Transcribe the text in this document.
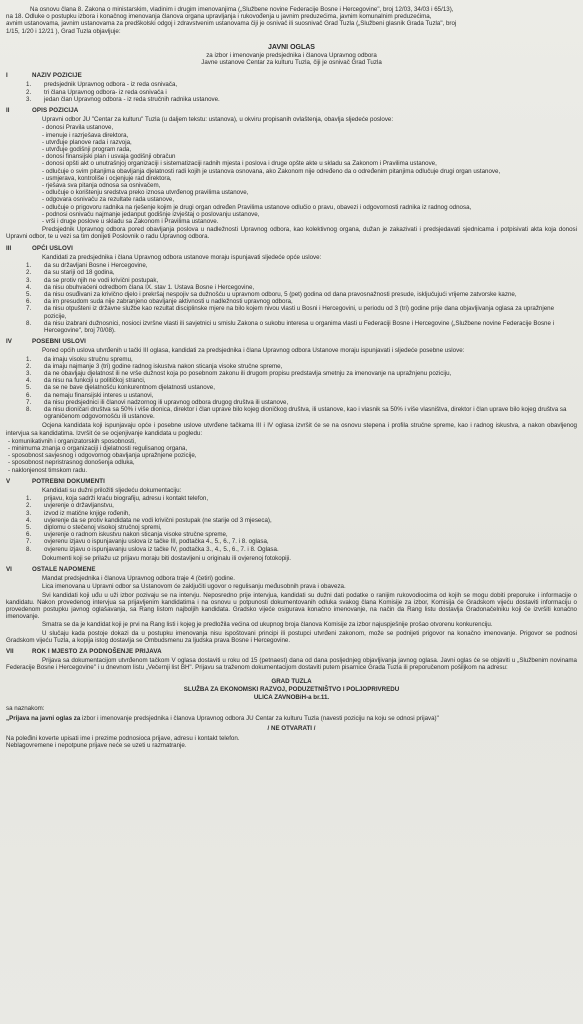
Na osnovu člana 8. Zakona o ministarskim, vladinim i drugim imenovanjima („Službene novine Federacije Bosne i Hercegovine", broj 12/03, 34/03 i 65/13),
na 18. Odluke o postupku izbora i konačnog imenovanja članova organa upravljanja i rukovođenja u javnim preduzećima, javnim komunalnim preduzećima,
avnim ustanovama, javnim ustanovama za predškolski odgoj i zdravstvenim ustanovama čiji je osnivač ili suosnivač Grad Tuzla („Službeni glasnik Grada Tuzla", broj
1/15, 1/20 i 12/21 ), Grad Tuzla objavljuje:
JAVNI OGLAS
za izbor i imenovanje predsjednika i članova Upravnog odbora
Javne ustanove Centar za kulturu Tuzla, čiji je osnivač Grad Tuzla
I	NAZIV POZICIJE
1.	predsjednik Upravnog odbora - iz reda osnivača,
2.	tri člana Upravnog odbora- iz reda osnivača i
3.	jedan član Upravnog odbora - iz reda stručnih radnika ustanove.
II	OPIS POZICIJA
Upravni odbor JU "Centar za kulturu" Tuzla (u daljem tekstu: ustanova), u okviru propisanih ovlaštenja, obavlja sljedeće poslove:
- donosi Pravila ustanove,
- imenuje i razrješava direktora,
- utvrđuje planove rada i razvoja,
- utvrđuje godišnji program rada,
- donosi finansijski plan i usvaja godišnji obračun
- donosi opšti akt o unutrašnjoj organizaciji i sistematizaciji radnih mjesta i poslova i druge opšte akte u skladu sa Zakonom i Pravilima ustanove,
- odlučuje o svim pitanjima obavljanja djelatnosti radi kojih je ustanova osnovana, ako Zakonom nije određeno da o određenim pitanjima odlučuje drugi organ ustanove,
- usmjerava, kontroliše i ocjenjuje rad direktora,
- rješava sva pitanja odnosa sa osnivačem,
- odlučuje o korištenju sredstva preko iznosa utvrđenog pravilima ustanove,
- odgovara osnivaču za rezultate rada ustanove,
- odlučuje o prigovoru radnika na rješenje kojim je drugi organ određen Pravilima ustanove odlučio o pravu, obavezi i odgovornosti radnika iz radnog odnosa,
- podnosi osnivaču najmanje jedanput godišnje izvještaj o poslovanju ustanove,
- vrši i druge poslove u skladu sa Zakonom i Pravilima ustanove.
Predsjednik Upravnog odbora pored obavljanja poslova u nadležnosti Upravnog odbora, kao kolektivnog organa, dužan je zakazivati i predsjedavati sjednicama i potpisivati akta koja donosi Upravni odbor, te u vezi sa tim donijeti Poslovnik o radu Upravnog odbora.
III	OPĆI USLOVI
Kandidati za predsjednika i člana Upravnog odbora ustanove moraju ispunjavati sljedeće opće uslove:
1.	da su državljani Bosne i Hercegovine,
2.	da su stariji od 18 godina,
3.	da se protiv njih ne vodi krivični postupak,
4.	da nisu obuhvaćeni odredbom člana IX. stav 1. Ustava Bosne i Hercegovine,
5.	da nisu osuđivani za krivično djelo i prekršaj nespojiv sa dužnošću u upravnom odboru, 5 (pet) godina od dana pravosnažnosti presude, isključujući vrijeme zatvorske kazne,
6.	da im presudom suda nije zabranjeno obavljanje aktivnosti u nadležnosti upravnog odbora,
7.	da nisu otpušteni iz državne službe kao rezultat disciplinske mjere na bilo kojem nivou vlasti u Bosni i Hercegovini, u periodu od 3 (tri) godine prije dana objavljivanja oglasa za upražnjene pozicije,
8.	da nisu izabrani dužnosnici, nosioci izvršne vlasti ili savjetnici u smislu Zakona o sukobu interesa u organima vlasti u Federaciji Bosne i Hercegovine („Službene novine Federacije Bosne i Hercegovine", broj 70/08).
IV	POSEBNI USLOVI
Pored općih uslova utvrđenih u tački III oglasa, kandidati za predsjednika i člana Upravnog odbora Ustanove moraju ispunjavati i sljedeće posebne uslove:
1.	da imaju visoku stručnu spremu,
2.	da imaju najmanje 3 (tri) godine radnog iskustva nakon sticanja visoke stručne spreme,
3.	da ne obavljaju djelatnost ili ne vrše dužnost koja po posebnom zakonu ili drugom propisu predstavlja smetnju za imenovanje na upražnjenu poziciju,
4.	da nisu na funkciji u političkoj stranci,
5.	da se ne bave djelatnošću konkurentnom djelatnosti ustanove,
6.	da nemaju finansijski interes u ustanovi,
7.	da nisu predsjednici ili članovi nadzornog ili upravnog odbora drugog društva ili ustanove,
8.	da nisu dioničari društva sa 50% i više dionica, direktor i član uprave bilo kojeg dioničkog društva, ili ustanove, kao i vlasnik sa 50% i više vlasništva, direktor i član uprave bilo kojeg društva sa ograničenom odgovornošću ili ustanove.
Ocjena kandidata koji ispunjavaju opće i posebne uslove utvrđene tačkama III i IV oglasa izvršit će se na osnovu stepena i profila stručne spreme, kao i radnog iskustva, a nakon obavljenog intervjua sa kandidatima. Izvršit će se ocjenjivanje kandidata u pogledu:
- komunikativnih i organizatorskih sposobnosti,
- minimuma znanja o organizaciji i djelatnosti regulisanog organa,
- sposobnost savjesnog i odgovornog obavljanja upražnjene pozicije,
- sposobnost nepristrasnog donošenja odluka,
- naklonjenost timskom radu.
V	POTREBNI DOKUMENTI
Kandidati su dužni priložiti sljedeću dokumentaciju:
1.	prijavu, koja sadrži kraću biografiju, adresu i kontakt telefon,
2.	uvjerenje o državljanstvu,
3.	izvod iz matične knjige rođenih,
4.	uvjerenje da se protiv kandidata ne vodi krivični postupak (ne starije od 3 mjeseca),
5.	diplomu o stečenoj visokoj stručnoj spremi,
6.	uvjerenje o radnom iskustvu nakon sticanja visoke stručne spreme,
7.	ovjerenu izjavu o ispunjavanju uslova iz tačke III, podtačka 4., 5., 6., 7. i 8. oglasa,
8.	ovjerenu izjavu o ispunjavanju uslova iz tačke IV, podtačka 3., 4., 5., 6., 7. i 8. Oglasa.
Dokumenti koji se prilažu uz prijavu moraju biti dostavljeni u originalu ili ovjerenoj fotokopiji.
VI	OSTALE NAPOMENE
Mandat predsjednika i članova Upravnog odbora traje 4 (četiri) godine.
Lica imenovana u Upravni odbor sa Ustanovom će zaključiti ugovor o regulisanju međusobnih prava i obaveza.
Svi kandidati koji uđu u uži izbor pozivaju se na intervju. Neposredno prije intervjua, kandidati su dužni dati podatke o ranijim rukovodiocima od kojih se mogu dobiti preporuke i informacije o kandidatu. Nakon provedenog intervjua sa prijavljenim kandidatima i na osnovu u potpunosti dokumentovanih odluka svakog člana Komisije za izbor, Komisija će Gradskom vijeću dostaviti informaciju o provedenom postupku javnog oglašavanja, sa Rang listom najboljih kandidata. Gradsko vijeće osigurava konačno imenovanje, na način da Rang listu dostavlja Gradonačelniku koji će izvršiti konačno imenovanje.
Smatra se da je kandidat koji je prvi na Rang listi i kojeg je predložila većina od ukupnog broja članova Komisije za izbor najuspješnije prošao otvorenu konkurenciju.
U slučaju kada postoje dokazi da u postupku imenovanja nisu ispoštovani principi ili postupci utvrđeni zakonom, može se podnijeti prigovor na konačno imenovanje. Prigovor se podnosi Gradskom vijeću Tuzla, a kopija istog dostavlja se Ombudsmenu za ljudska prava Bosne i Hercegovine.
VII	ROK I MJESTO ZA PODNOŠENJE PRIJAVA
Prijava sa dokumentacijom utvrđenom tačkom V oglasa dostaviti u roku od 15 (petnaest) dana od dana posljednjeg objavljivanja javnog oglasa. Javni oglas će se objaviti u „Službenim novinama Federacije Bosne i Hercegovine" i u dnevnom listu „Večernji list BH". Prijavu sa traženom dokumentacijom dostaviti putem pisarnice Grada Tuzla ili preporučenom pošiljkom na adresu:
GRAD TUZLA
SLUŽBA ZA EKONOMSKI RAZVOJ, PODUZETNIŠTVO I POLJOPRIVREDU
ULICA ZAVNOBiH-a br.11.
sa naznakom:
„Prijava na javni oglas za izbor i imenovanje predsjednika i članova Upravnog odbora JU Centar za kulturu Tuzla (navesti poziciju na koju se odnosi prijava)"
/ NE OTVARATI /
Na poleđini koverte upisati ime i prezime podnosioca prijave, adresu i kontakt telefon.
Neblagovremene i nepotpune prijave neće se uzeti u razmatranje.
